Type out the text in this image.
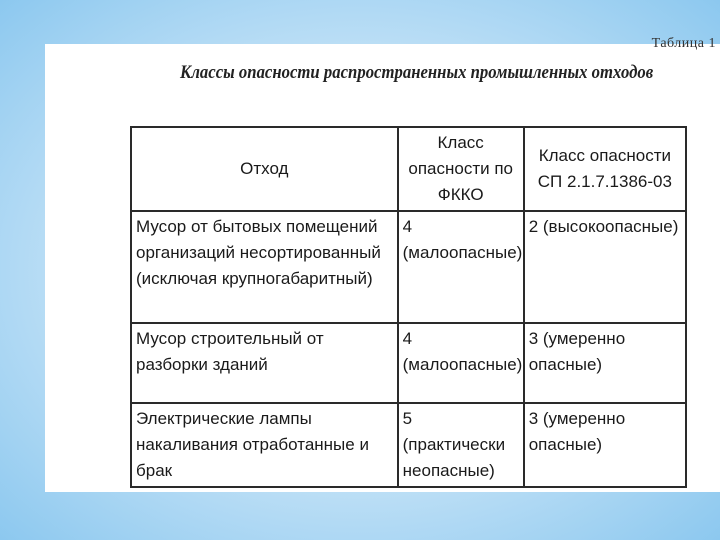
Таблица 1
Классы опасности распространенных промышленных отходов
Отход	Класс опасности по ФККО	Класс опасности СП 2.1.7.1386-03
Мусор от бытовых помещений организаций несортированный (исключая крупногабаритный)	4 (малоопасные)	2 (высокоопасные)
Мусор строительный от разборки зданий	4 (малоопасные)	3 (умеренно опасные)
Электрические лампы накаливания отработанные и брак	5 (практически неопасные)	3 (умеренно опасные)
